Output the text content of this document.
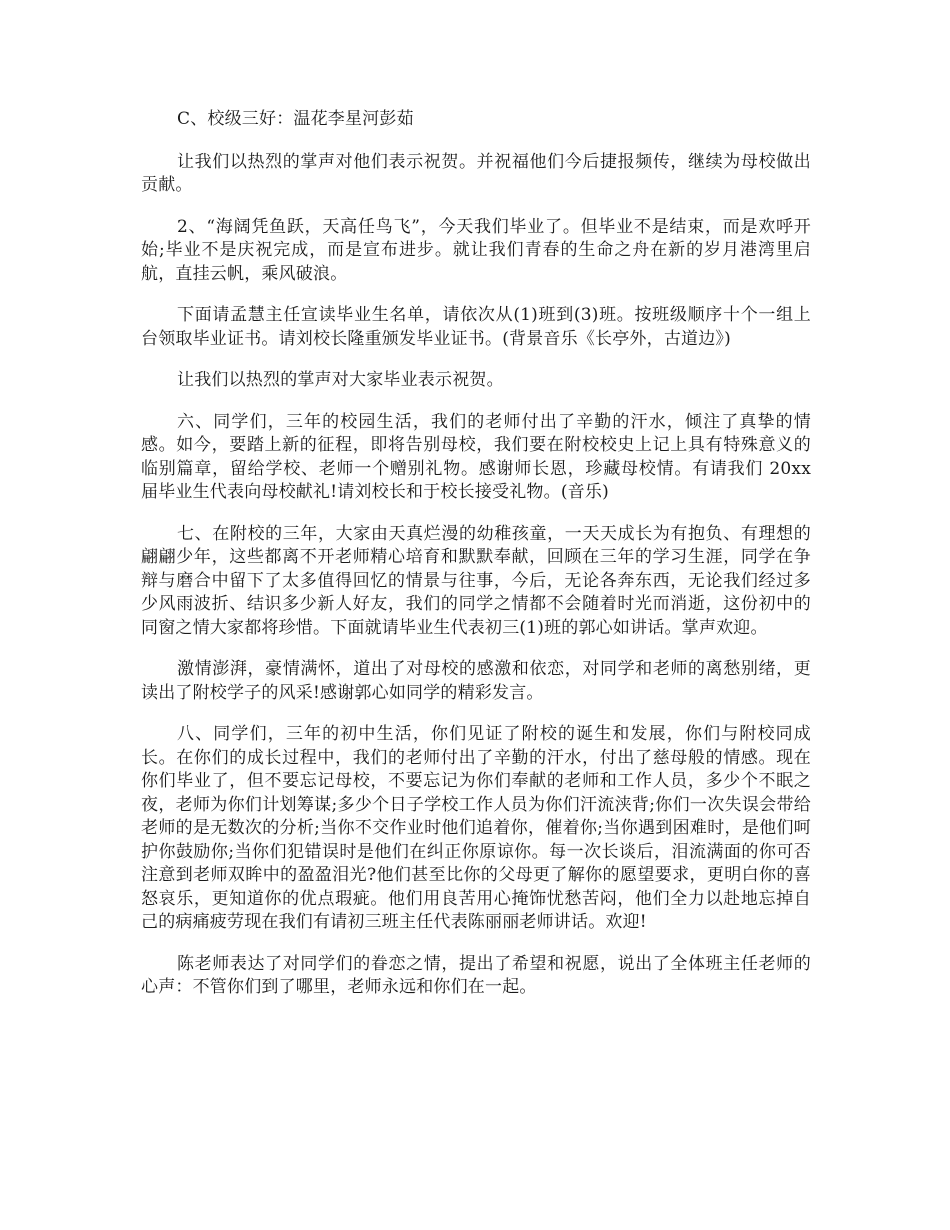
C、校级三好：温花李星河彭茹

让我们以热烈的掌声对他们表示祝贺。并祝福他们今后捷报频传，继续为母校做出贡献。

2、“海阔凭鱼跃，天高任鸟飞”，今天我们毕业了。但毕业不是结束，而是欢呼开始;毕业不是庆祝完成，而是宣布进步。就让我们青春的生命之舟在新的岁月港湾里启航，直挂云帆，乘风破浪。

下面请孟慧主任宣读毕业生名单，请依次从(1)班到(3)班。按班级顺序十个一组上台领取毕业证书。请刘校长隆重颁发毕业证书。(背景音乐《长亭外，古道边》)

让我们以热烈的掌声对大家毕业表示祝贺。

六、同学们，三年的校园生活，我们的老师付出了辛勤的汗水，倾注了真挚的情感。如今，要踏上新的征程，即将告别母校，我们要在附校校史上记上具有特殊意义的临别篇章，留给学校、老师一个赠别礼物。感谢师长恩，珍藏母校情。有请我们 20xx 届毕业生代表向母校献礼!请刘校长和于校长接受礼物。(音乐)

七、在附校的三年，大家由天真烂漫的幼稚孩童，一天天成长为有抱负、有理想的翩翩少年，这些都离不开老师精心培育和默默奉献，回顾在三年的学习生涯，同学在争辩与磨合中留下了太多值得回忆的情景与往事，今后，无论各奔东西，无论我们经过多少风雨波折、结识多少新人好友，我们的同学之情都不会随着时光而消逝，这份初中的同窗之情大家都将珍惜。下面就请毕业生代表初三(1)班的郭心如讲话。掌声欢迎。

激情澎湃，豪情满怀，道出了对母校的感激和依恋，对同学和老师的离愁别绪，更读出了附校学子的风采!感谢郭心如同学的精彩发言。

八、同学们，三年的初中生活，你们见证了附校的诞生和发展，你们与附校同成长。在你们的成长过程中，我们的老师付出了辛勤的汗水，付出了慈母般的情感。现在你们毕业了，但不要忘记母校，不要忘记为你们奉献的老师和工作人员，多少个不眠之夜，老师为你们计划筹谋;多少个日子学校工作人员为你们汗流浃背;你们一次失误会带给老师的是无数次的分析;当你不交作业时他们追着你，催着你;当你遇到困难时，是他们呵护你鼓励你;当你们犯错误时是他们在纠正你原谅你。每一次长谈后，泪流满面的你可否注意到老师双眸中的盈盈泪光?他们甚至比你的父母更了解你的愿望要求，更明白你的喜怒哀乐，更知道你的优点瑕疵。他们用良苦用心掩饰忧愁苦闷，他们全力以赴地忘掉自己的病痛疲劳现在我们有请初三班主任代表陈丽丽老师讲话。欢迎!

陈老师表达了对同学们的眷恋之情，提出了希望和祝愿，说出了全体班主任老师的心声：不管你们到了哪里，老师永远和你们在一起。
